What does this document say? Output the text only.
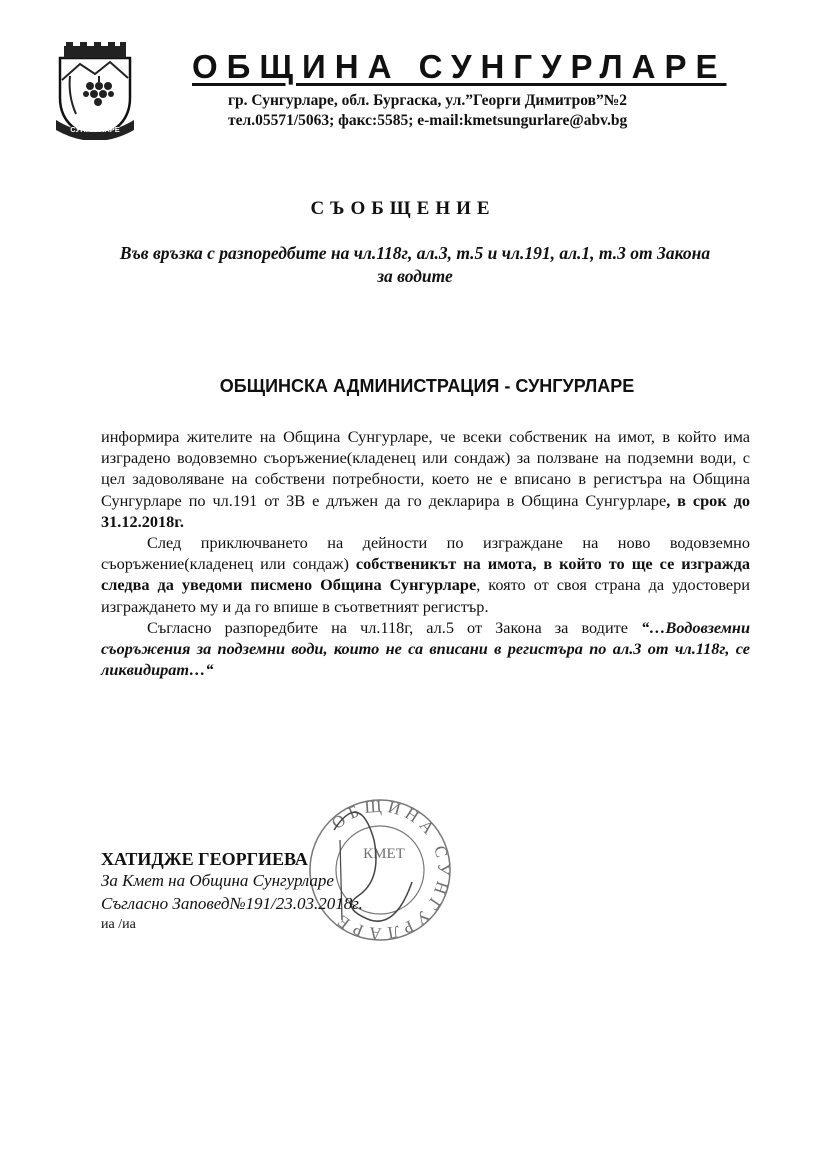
СУНГУРЛАРЕ
ОБЩИНА СУНГУРЛАРЕ
гр. Сунгурларе, обл. Бургаска, ул.”Георги Димитров”№2
тел.05571/5063; факс:5585; e-mail:kmetsungurlare@abv.bg
СЪОБЩЕНИЕ
Във връзка с разпоредбите на чл.118г, ал.3, т.5 и чл.191, ал.1, т.3 от Закона за водите
ОБЩИНСКА АДМИНИСТРАЦИЯ - СУНГУРЛАРЕ

информира жителите на Община Сунгурларе, че всеки собственик на имот, в който има изградено водовземно съоръжение(кладенец или сондаж) за ползване на подземни води, с цел задоволяване на собствени потребности, което не е вписано в регистъра на Община Сунгурларе по чл.191 от ЗВ е длъжен да го декларира в Община Сунгурларе, в срок до 31.12.2018г.

След приключването на дейности по изграждане на ново водовземно съоръжение(кладенец или сондаж) собственикът на имота, в който то ще се изгражда следва да уведоми писмено Община Сунгурларе, която от своя страна да удостовери изграждането му и да го впише в съответният регистър.

Съгласно разпоредбите на чл.118г, ал.5 от Закона за водите “…Водовземни съоръжения за подземни води, които не са вписани в регистъра по ал.3 от чл.118г, се ликвидират…“

ОБЩИНА СУНГУРЛАРЕ
КМЕТ
ХАТИДЖЕ ГЕОРГИЕВА
За Кмет на Община Сунгурларе
Съгласно Заповед№191/23.03.2018г.
иа /иа
